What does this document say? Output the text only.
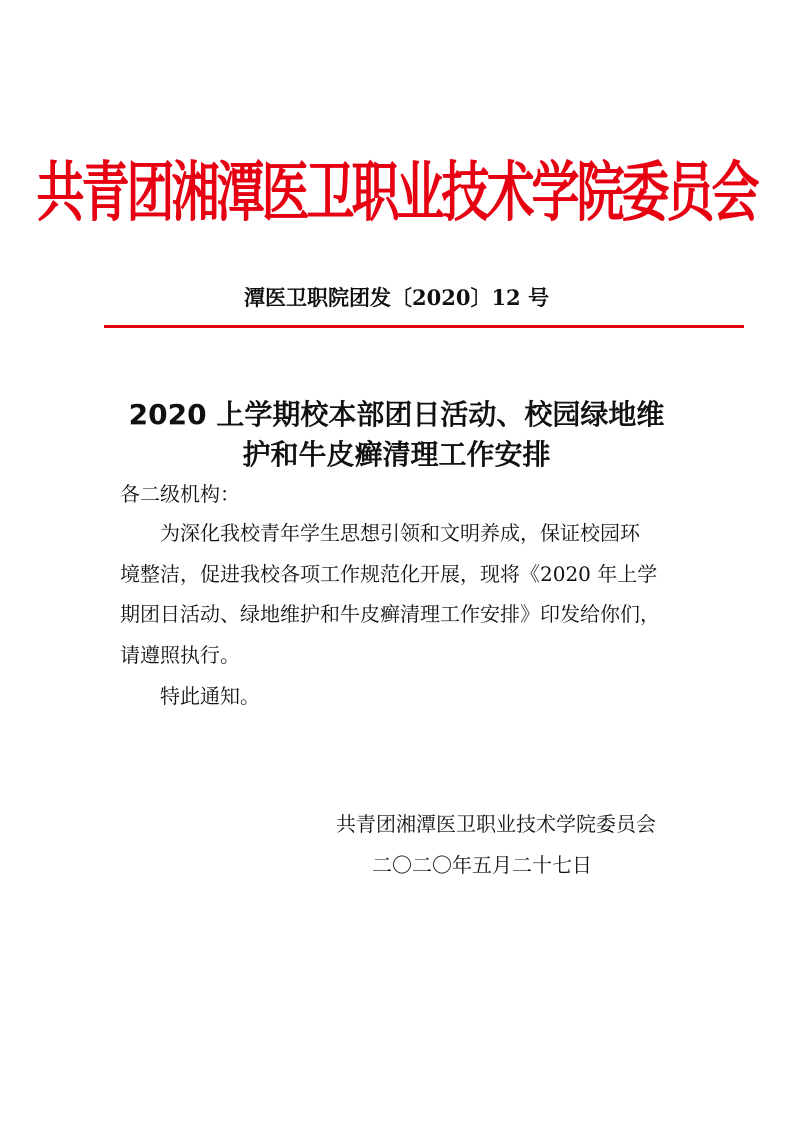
共青团湘潭医卫职业技术学院委员会
潭医卫职院团发〔2020〕12 号
2020 上学期校本部团日活动、校园绿地维
护和牛皮癣清理工作安排
各二级机构：
为深化我校青年学生思想引领和文明养成，保证校园环
境整洁，促进我校各项工作规范化开展，现将《2020 年上学
期团日活动、绿地维护和牛皮癣清理工作安排》印发给你们，
请遵照执行。
特此通知。
共青团湘潭医卫职业技术学院委员会
二〇二〇年五月二十七日
